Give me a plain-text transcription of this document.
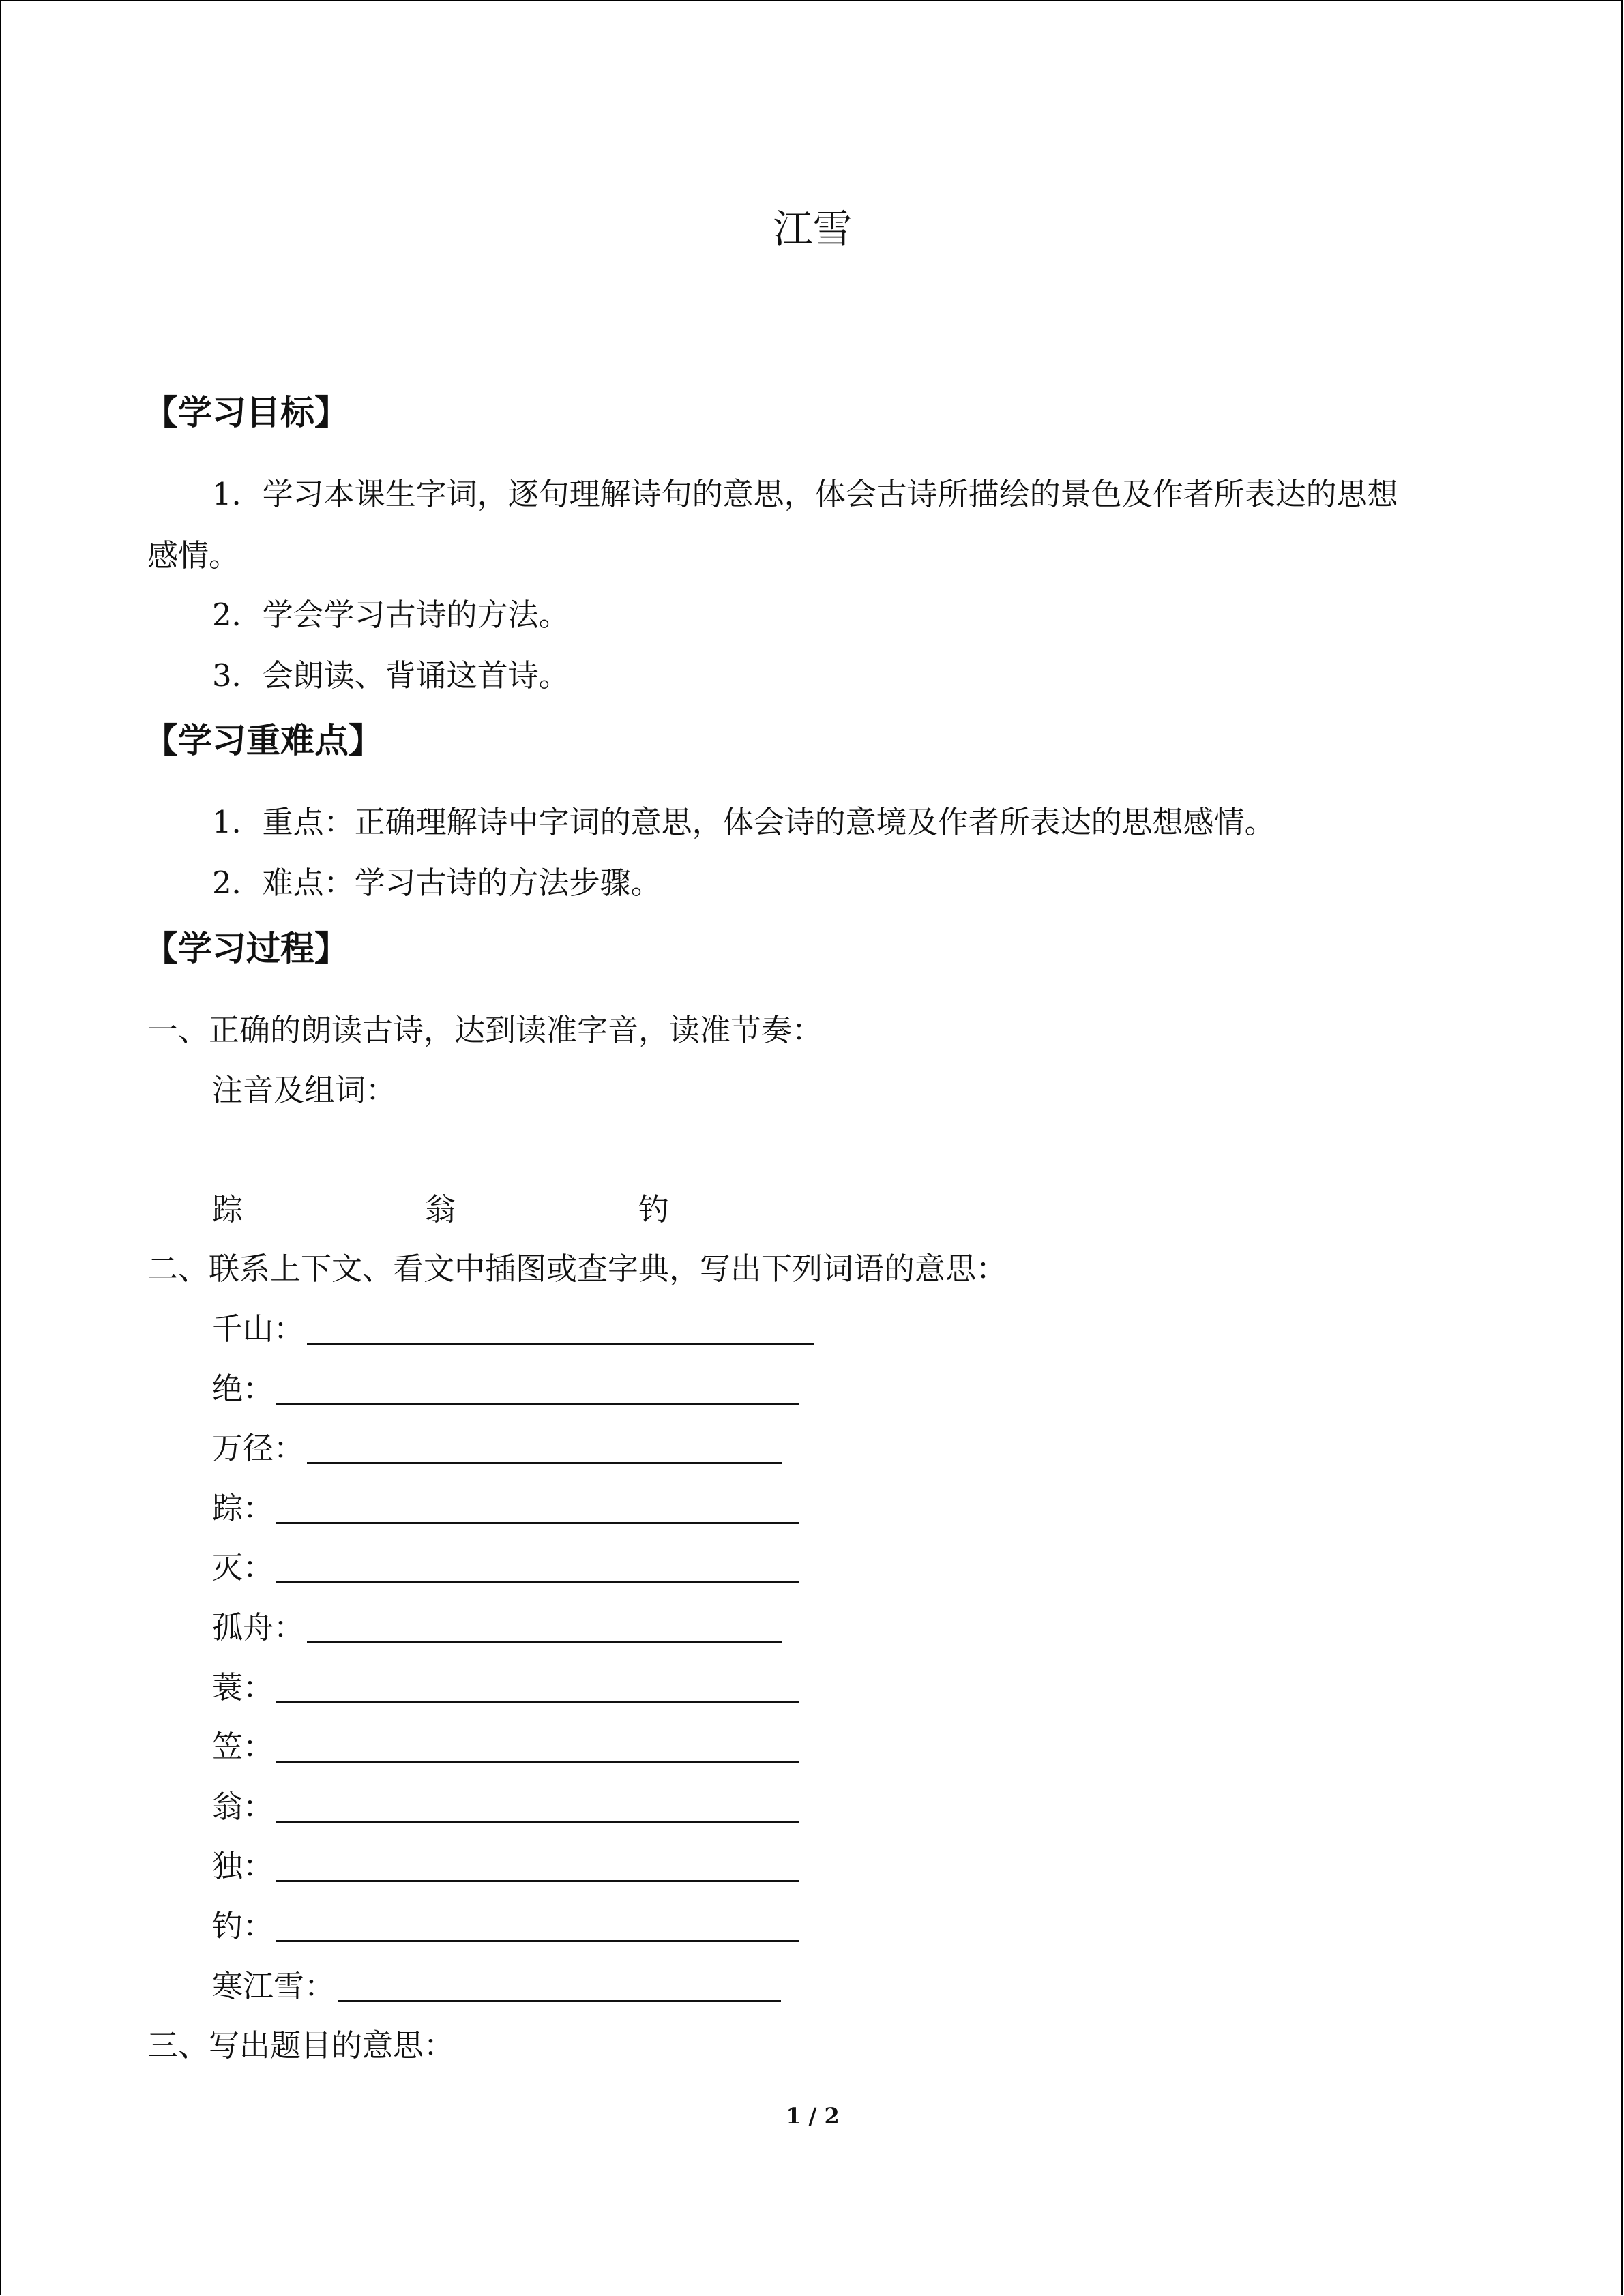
江雪
【学习目标】
1．学习本课生字词，逐句理解诗句的意思，体会古诗所描绘的景色及作者所表达的思想
感情。
2．学会学习古诗的方法。
3．会朗读、背诵这首诗。
【学习重难点】
1．重点：正确理解诗中字词的意思，体会诗的意境及作者所表达的思想感情。
2．难点：学习古诗的方法步骤。
【学习过程】
一、正确的朗读古诗，达到读准字音，读准节奏：
注音及组词：
踪	翁	钓
二、联系上下文、看文中插图或查字典，写出下列词语的意思：
千山：
绝：
万径：
踪：
灭：
孤舟：
蓑：
笠：
翁：
独：
钓：
寒江雪：
三、写出题目的意思：
1 / 2
